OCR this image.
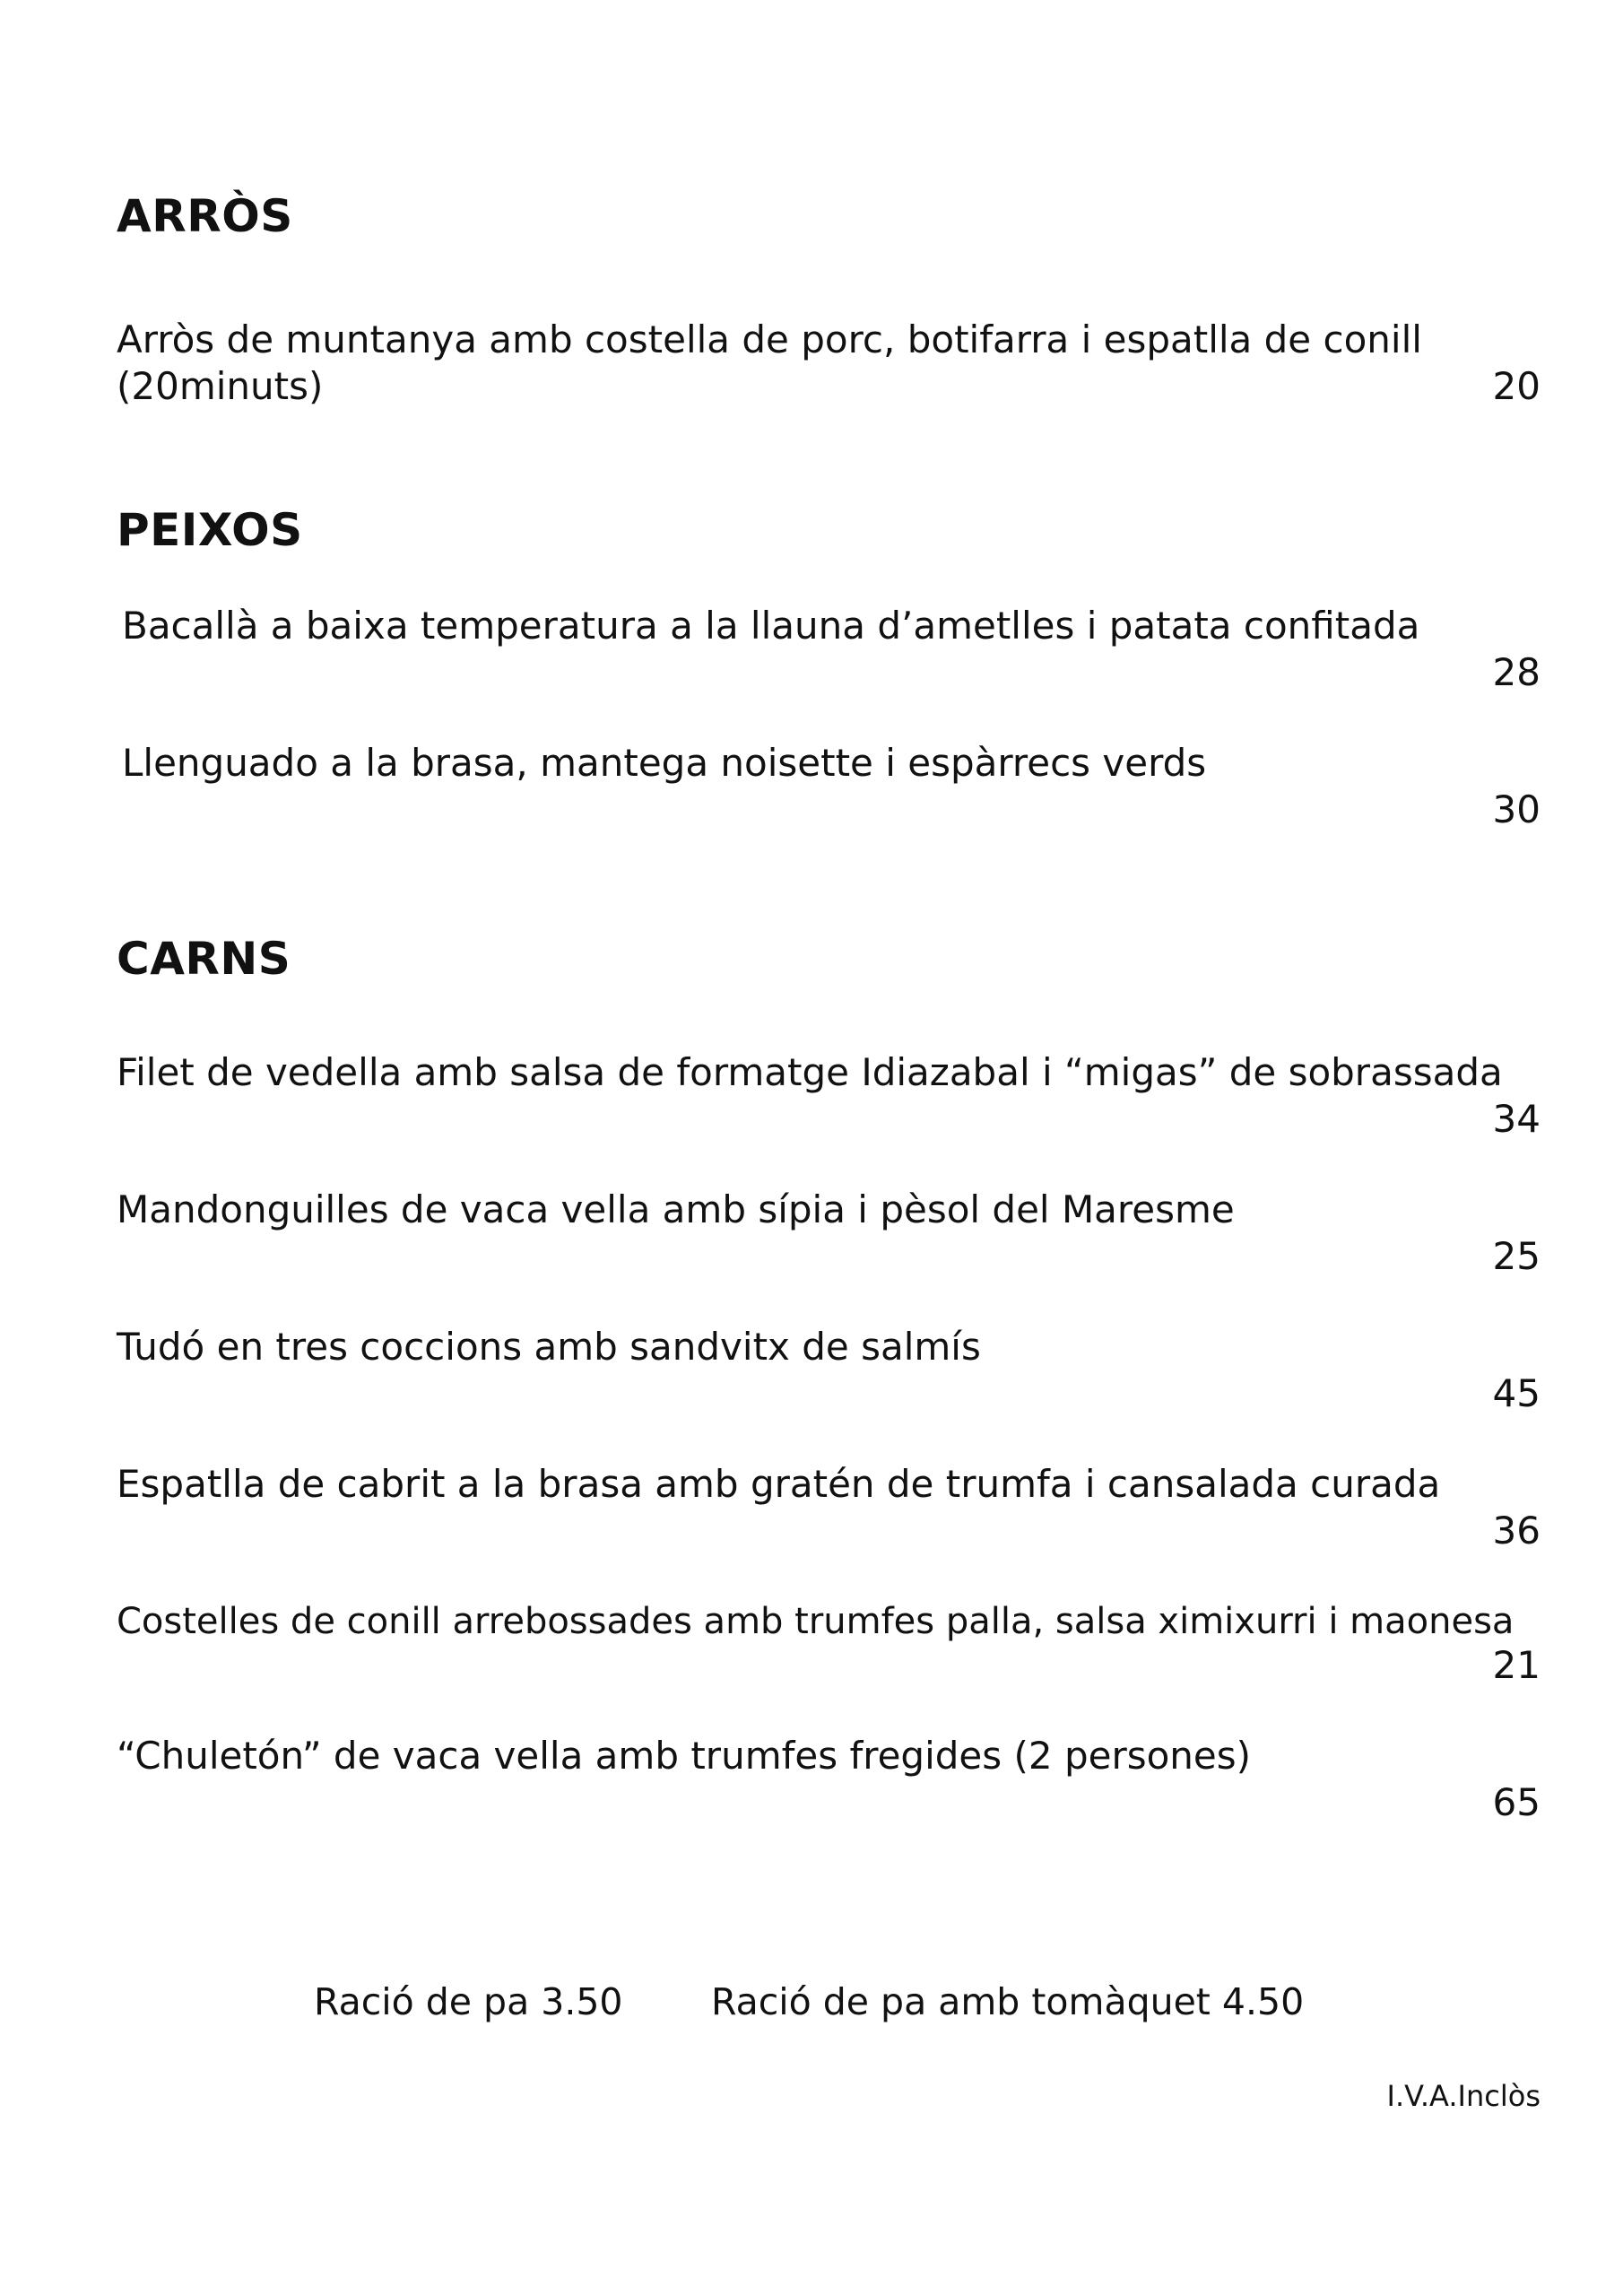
ARRÒS
Arròs de muntanya amb costella de porc, botifarra i espatlla de conill
(20minuts)	20
PEIXOS
Bacallà a baixa temperatura a la llauna d’ametlles i patata confitada
28
Llenguado a la brasa, mantega noisette i espàrrecs verds
30
CARNS
Filet de vedella amb salsa de formatge Idiazabal i “migas” de sobrassada
34
Mandonguilles de vaca vella amb sípia i pèsol del Maresme
25
Tudó en tres coccions amb sandvitx de salmís
45
Espatlla de cabrit a la brasa amb gratén de trumfa i cansalada curada
36
Costelles de conill arrebossades amb trumfes palla, salsa ximixurri i maonesa
21
“Chuletón” de vaca vella amb trumfes fregides (2 persones)
65
Ració de pa 3.50 Ració de pa amb tomàquet 4.50
I.V.A.Inclòs
